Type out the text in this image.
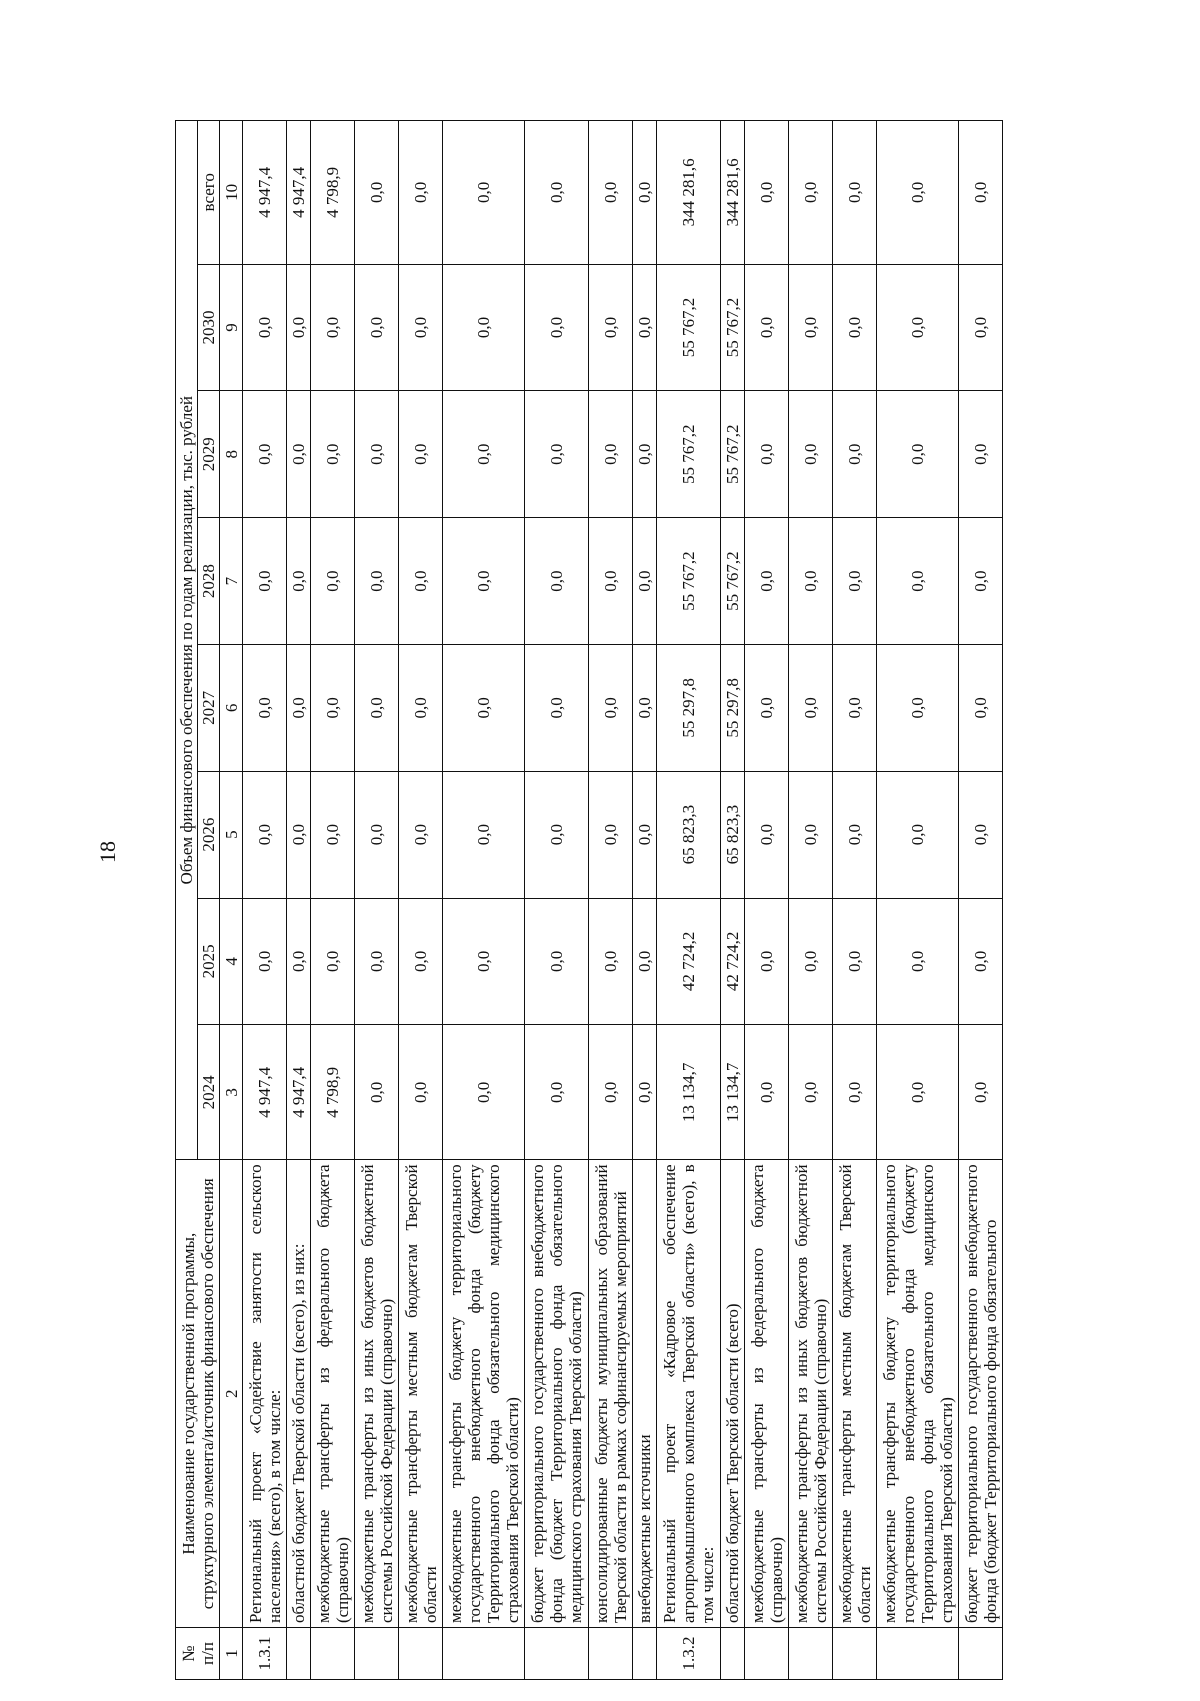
18
№
п/п	Наименование государственной программы,
структурного элемента/источник финансового обеспечения	Объем финансового обеспечения по годам реализации, тыс. рублей							
		2024	2025	2026	2027	2028	2029	2030	всего
1	2	3	4	5	6	7	8	9	10
1.3.1	Региональный проект «Содействие занятости сельского населения» (всего), в том числе:	4 947,4	0,0	0,0	0,0	0,0	0,0	0,0	4 947,4
	областной бюджет Тверской области (всего), из них:	4 947,4	0,0	0,0	0,0	0,0	0,0	0,0	4 947,4
	межбюджетные трансферты из федерального бюджета (справочно)	4 798,9	0,0	0,0	0,0	0,0	0,0	0,0	4 798,9
	межбюджетные трансферты из иных бюджетов бюджетной системы Российской Федерации (справочно)	0,0	0,0	0,0	0,0	0,0	0,0	0,0	0,0
	межбюджетные трансферты местным бюджетам Тверской области	0,0	0,0	0,0	0,0	0,0	0,0	0,0	0,0
	межбюджетные трансферты бюджету территориального государственного внебюджетного фонда (бюджету Территориального фонда обязательного медицинского страхования Тверской области)	0,0	0,0	0,0	0,0	0,0	0,0	0,0	0,0
	бюджет территориального государственного внебюджетного фонда (бюджет Территориального фонда обязательного медицинского страхования Тверской области)	0,0	0,0	0,0	0,0	0,0	0,0	0,0	0,0
	консолидированные бюджеты муниципальных образований Тверской области в рамках софинансируемых мероприятий	0,0	0,0	0,0	0,0	0,0	0,0	0,0	0,0
	внебюджетные источники	0,0	0,0	0,0	0,0	0,0	0,0	0,0	0,0
1.3.2	Региональный проект «Кадровое обеспечение агропромышленного комплекса Тверской области» (всего), в том числе:	13 134,7	42 724,2	65 823,3	55 297,8	55 767,2	55 767,2	55 767,2	344 281,6
	областной бюджет Тверской области (всего)	13 134,7	42 724,2	65 823,3	55 297,8	55 767,2	55 767,2	55 767,2	344 281,6
	межбюджетные трансферты из федерального бюджета (справочно)	0,0	0,0	0,0	0,0	0,0	0,0	0,0	0,0
	межбюджетные трансферты из иных бюджетов бюджетной системы Российской Федерации (справочно)	0,0	0,0	0,0	0,0	0,0	0,0	0,0	0,0
	межбюджетные трансферты местным бюджетам Тверской области	0,0	0,0	0,0	0,0	0,0	0,0	0,0	0,0
	межбюджетные трансферты бюджету территориального государственного внебюджетного фонда (бюджету Территориального фонда обязательного медицинского страхования Тверской области)	0,0	0,0	0,0	0,0	0,0	0,0	0,0	0,0
	бюджет территориального государственного внебюджетного фонда (бюджет Территориального фонда обязательного	0,0	0,0	0,0	0,0	0,0	0,0	0,0	0,0
